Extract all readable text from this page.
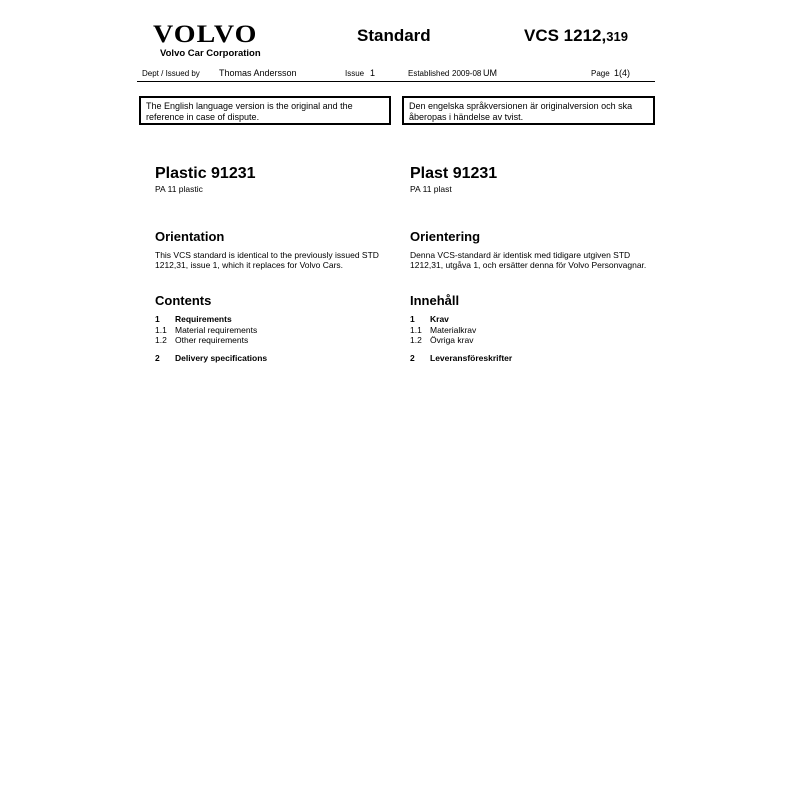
VOLVO
Volvo Car Corporation
Standard	VCS 1212,319
Dept / Issued by Thomas Andersson	Issue 1	Established 2009-08 UM	Page 1(4)
The English language version is the original and the reference in case of dispute.
Den engelska språkversionen är originalversion och ska åberopas i händelse av tvist.
Plastic 91231
PA 11 plastic
Orientation
This VCS standard is identical to the previously issued STD 1212,31, issue 1, which it replaces for Volvo Cars.
Contents
1 Requirements
1.1 Material requirements
1.2 Other requirements
2 Delivery specifications
Plast 91231
PA 11 plast
Orientering
Denna VCS-standard är identisk med tidigare utgiven STD 1212,31, utgåva 1, och ersätter denna för Volvo Personvagnar.
Innehåll
1 Krav
1.1 Materialkrav
1.2 Övriga krav
2 Leveransföreskrifter
